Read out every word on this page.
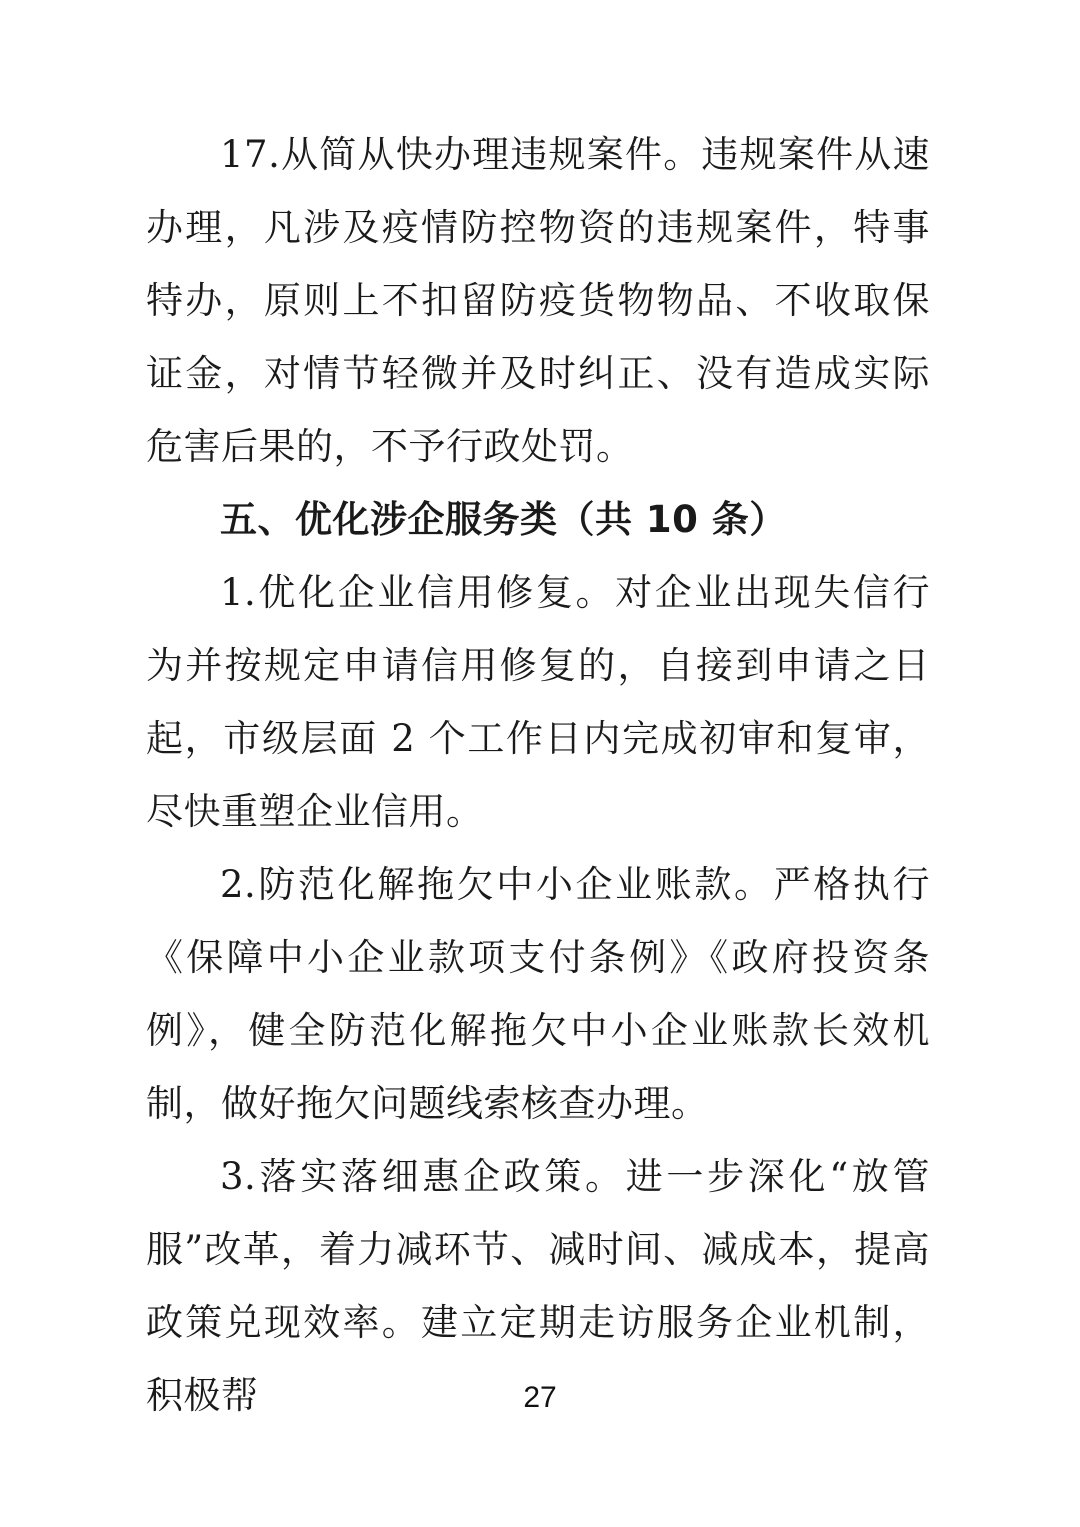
17.从简从快办理违规案件。违规案件从速办理，凡涉及疫情防控物资的违规案件，特事特办，原则上不扣留防疫货物物品、不收取保证金，对情节轻微并及时纠正、没有造成实际危害后果的，不予行政处罚。

五、优化涉企服务类（共 10 条）

1.优化企业信用修复。对企业出现失信行为并按规定申请信用修复的，自接到申请之日起，市级层面 2 个工作日内完成初审和复审，尽快重塑企业信用。

2.防范化解拖欠中小企业账款。严格执行《保障中小企业款项支付条例》《政府投资条例》，健全防范化解拖欠中小企业账款长效机制，做好拖欠问题线索核查办理。

3.落实落细惠企政策。进一步深化“放管服”改革，着力减环节、减时间、减成本，提高政策兑现效率。建立定期走访服务企业机制，积极帮	27
